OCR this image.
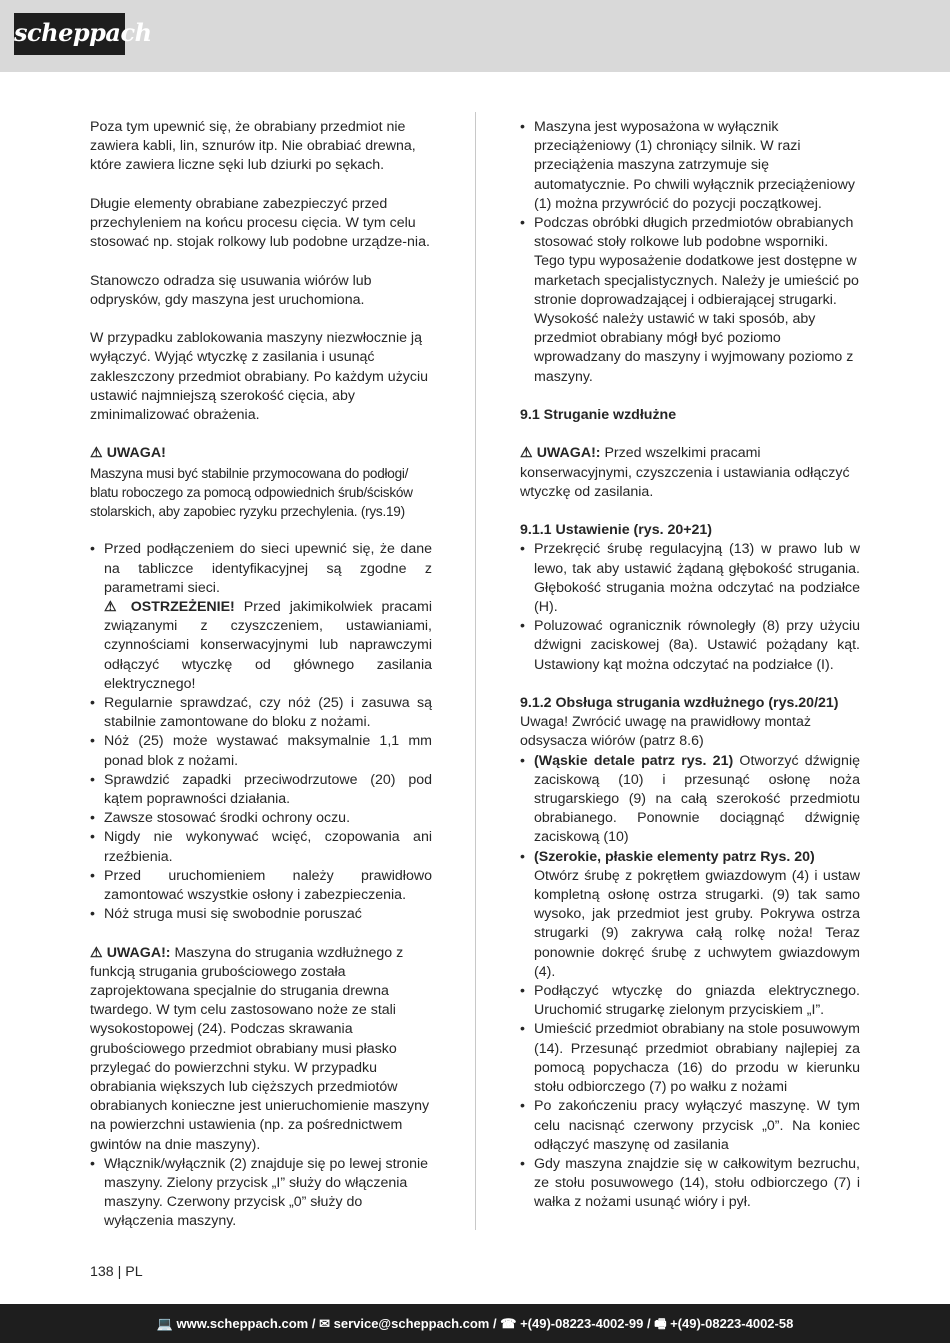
scheppach

Poza tym upewnić się, że obrabiany przedmiot nie zawiera kabli, lin, sznurów itp. Nie obrabiać drewna, które zawiera liczne sęki lub dziurki po sękach.

Długie elementy obrabiane zabezpieczyć przed przechyleniem na końcu procesu cięcia. W tym celu stosować np. stojak rolkowy lub podobne urządze-nia.

Stanowczo odradza się usuwania wiórów lub odprysków, gdy maszyna jest uruchomiona.

W przypadku zablokowania maszyny niezwłocznie ją wyłączyć. Wyjąć wtyczkę z zasilania i usunąć zakleszczony przedmiot obrabiany. Po każdym użyciu ustawić najmniejszą szerokość cięcia, aby zminimalizować obrażenia.

⚠ UWAGA!

Maszyna musi być stabilnie przymocowana do podłogi/ blatu roboczego za pomocą odpowiednich śrub/ścisków stolarskich, aby zapobiec ryzyku przechylenia. (rys.19)

• Przed podłączeniem do sieci upewnić się, że dane na tabliczce identyfikacyjnej są zgodne z parametrami sieci.

⚠ OSTRZEŻENIE! Przed jakimikolwiek pracami związanymi z czyszczeniem, ustawianiami, czynnościami konserwacyjnymi lub naprawczymi odłączyć wtyczkę od głównego zasilania elektrycznego!

• Regularnie sprawdzać, czy nóż (25) i zasuwa są stabilnie zamontowane do bloku z nożami.
• Nóż (25) może wystawać maksymalnie 1,1 mm ponad blok z nożami.
• Sprawdzić zapadki przeciwodrzutowe (20) pod kątem poprawności działania.
• Zawsze stosować środki ochrony oczu.
• Nigdy nie wykonywać wcięć, czopowania ani rzeźbienia.
• Przed uruchomieniem należy prawidłowo zamontować wszystkie osłony i zabezpieczenia.
• Nóż struga musi się swobodnie poruszać

⚠ UWAGA!: Maszyna do strugania wzdłużnego z funkcją strugania grubościowego została zaprojektowana specjalnie do strugania drewna twardego. W tym celu zastosowano noże ze stali wysokostopowej (24). Podczas skrawania grubościowego przedmiot obrabiany musi płasko przylegać do powierzchni styku. W przypadku obrabiania większych lub cięższych przedmiotów obrabianych konieczne jest unieruchomienie maszyny na powierzchni ustawienia (np. za pośrednictwem gwintów na dnie maszyny).

• Włącznik/wyłącznik (2) znajduje się po lewej stronie maszyny. Zielony przycisk „I” służy do włączenia maszyny. Czerwony przycisk „0” służy do wyłączenia maszyny.
• Maszyna jest wyposażona w wyłącznik przeciążeniowy (1) chroniący silnik. W razi przeciążenia maszyna zatrzymuje się automatycznie. Po chwili wyłącznik przeciążeniowy (1) można przywrócić do pozycji początkowej.
• Podczas obróbki długich przedmiotów obrabianych stosować stoły rolkowe lub podobne wsporniki. Tego typu wyposażenie dodatkowe jest dostępne w marketach specjalistycznych. Należy je umieścić po stronie doprowadzającej i odbierającej strugarki. Wysokość należy ustawić w taki sposób, aby przedmiot obrabiany mógł być poziomo wprowadzany do maszyny i wyjmowany poziomo z maszyny.

9.1 Struganie wzdłużne

⚠ UWAGA!: Przed wszelkimi pracami konserwacyjnymi, czyszczenia i ustawiania odłączyć wtyczkę od zasilania.

9.1.1 Ustawienie (rys. 20+21)

• Przekręcić śrubę regulacyjną (13) w prawo lub w lewo, tak aby ustawić żądaną głębokość strugania. Głębokość strugania można odczytać na podziałce (H).
• Poluzować ogranicznik równoległy (8) przy użyciu dźwigni zaciskowej (8a). Ustawić pożądany kąt. Ustawiony kąt można odczytać na podziałce (I).

9.1.2 Obsługa strugania wzdłużnego (rys.20/21)

Uwaga! Zwrócić uwagę na prawidłowy montaż odsysacza wiórów (patrz 8.6)

• (Wąskie detale patrz rys. 21) Otworzyć dźwignię zaciskową (10) i przesunąć osłonę noża strugarskiego (9) na całą szerokość przedmiotu obrabianego. Ponownie dociągnąć dźwignię zaciskową (10)
• (Szerokie, płaskie elementy patrz Rys. 20)
Otwórz śrubę z pokrętłem gwiazdowym (4) i ustaw kompletną osłonę ostrza strugarki. (9) tak samo wysoko, jak przedmiot jest gruby. Pokrywa ostrza strugarki (9) zakrywa całą rolkę noża! Teraz ponownie dokręć śrubę z uchwytem gwiazdowym (4).
• Podłączyć wtyczkę do gniazda elektrycznego. Uruchomić strugarkę zielonym przyciskiem „I”.
• Umieścić przedmiot obrabiany na stole posuwowym (14). Przesunąć przedmiot obrabiany najlepiej za pomocą popychacza (16) do przodu w kierunku stołu odbiorczego (7) po wałku z nożami
• Po zakończeniu pracy wyłączyć maszynę. W tym celu nacisnąć czerwony przycisk „0”. Na koniec odłączyć maszynę od zasilania
• Gdy maszyna znajdzie się w całkowitym bezruchu, ze stołu posuwowego (14), stołu odbiorczego (7) i wałka z nożami usunąć wióry i pył.
138 | PL
💻 www.scheppach.com / ✉ service@scheppach.com / ☎ +(49)-08223-4002-99 / 🖷 +(49)-08223-4002-58
